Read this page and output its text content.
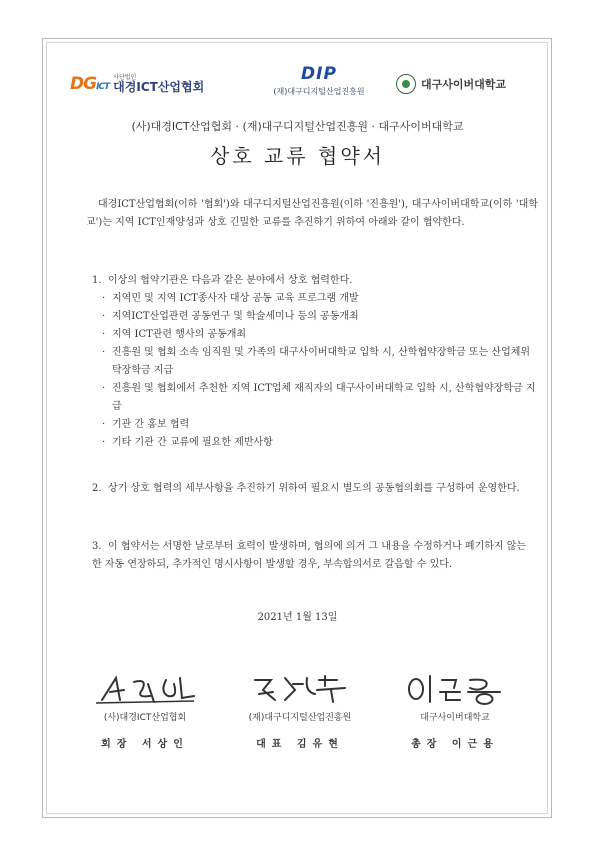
DGICT
사단법인
대경ICT산업협회
DIP
(재)대구디지털산업진흥원
대구사이버대학교
(사)대경ICT산업협회 · (재)대구디지털산업진흥원 · 대구사이버대학교
상호 교류 협약서

대경ICT산업협회(이하 '협회')와 대구디지털산업진흥원(이하 '진흥원'), 대구사이버대학교(이하 '대학교')는 지역 ICT인재양성과 상호 긴밀한 교류를 추진하기 위하여 아래와 같이 협약한다.

1. 이상의 협약기관은 다음과 같은 분야에서 상호 협력한다.
· 지역민 및 지역 ICT종사자 대상 공동 교육 프로그램 개발
· 지역ICT산업관련 공동연구 및 학술세미나 등의 공동개최
· 지역 ICT관련 행사의 공동개최
· 진흥원 및 협회 소속 임직원 및 가족의 대구사이버대학교 입학 시, 산학협약장학금 또는 산업체위탁장학금 지급
· 진흥원 및 협회에서 추천한 지역 ICT업체 재직자의 대구사이버대학교 입학 시, 산학협약장학금 지급
· 기관 간 홍보 협력
· 기타 기관 간 교류에 필요한 제반사항
2. 상기 상호 협력의 세부사항을 추진하기 위하여 필요시 별도의 공동협의회를 구성하여 운영한다.
3. 이 협약서는 서명한 날로부터 효력이 발생하며, 협의에 의거 그 내용을 수정하거나 폐기하지 않는 한 자동 연장하되, 추가적인 명시사항이 발생할 경우, 부속합의서로 갈음할 수 있다.
2021년 1월 13일
(사)대경ICT산업협회
회장 서상인
(재)대구디지털산업진흥원
대표 김유현
대구사이버대학교
총장 이근용
